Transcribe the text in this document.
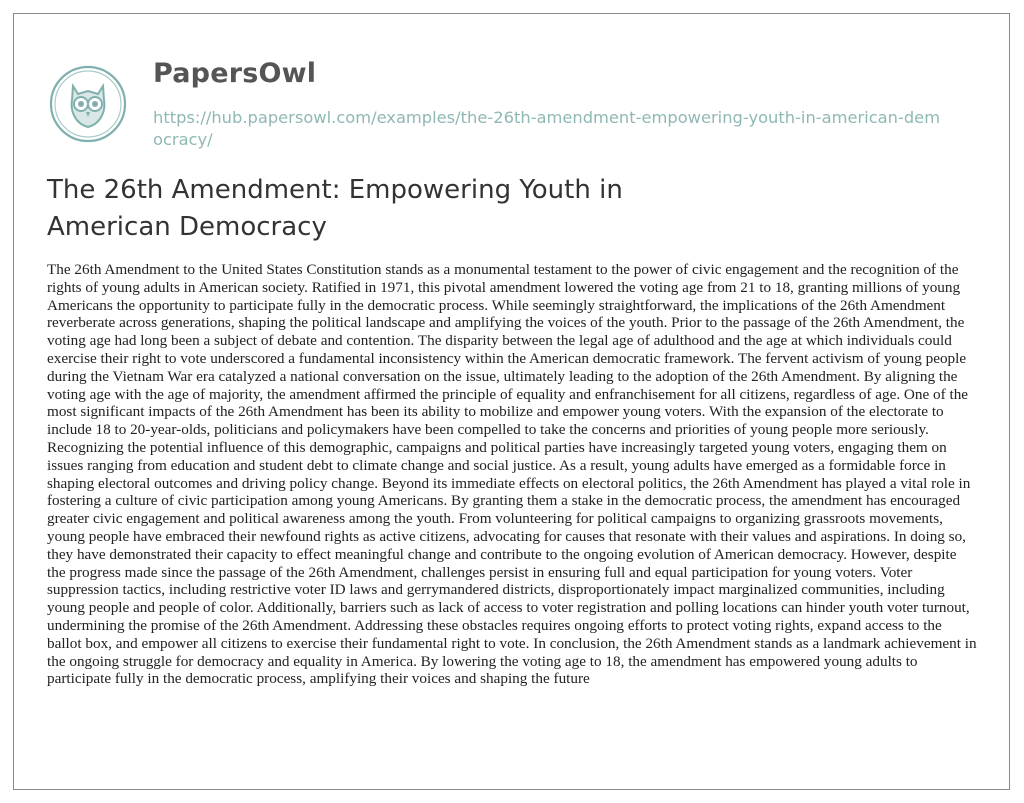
PapersOwl
https://hub.papersowl.com/examples/the-26th-amendment-empowering-youth-in-american-democracy/
The 26th Amendment: Empowering Youth in American Democracy

The 26th Amendment to the United States Constitution stands as a monumental testament to the power of civic engagement and the recognition of the rights of young adults in American society. Ratified in 1971, this pivotal amendment lowered the voting age from 21 to 18, granting millions of young Americans the opportunity to participate fully in the democratic process. While seemingly straightforward, the implications of the 26th Amendment reverberate across generations, shaping the political landscape and amplifying the voices of the youth. Prior to the passage of the 26th Amendment, the voting age had long been a subject of debate and contention. The disparity between the legal age of adulthood and the age at which individuals could exercise their right to vote underscored a fundamental inconsistency within the American democratic framework. The fervent activism of young people during the Vietnam War era catalyzed a national conversation on the issue, ultimately leading to the adoption of the 26th Amendment. By aligning the voting age with the age of majority, the amendment affirmed the principle of equality and enfranchisement for all citizens, regardless of age. One of the most significant impacts of the 26th Amendment has been its ability to mobilize and empower young voters. With the expansion of the electorate to include 18 to 20-year-olds, politicians and policymakers have been compelled to take the concerns and priorities of young people more seriously. Recognizing the potential influence of this demographic, campaigns and political parties have increasingly targeted young voters, engaging them on issues ranging from education and student debt to climate change and social justice. As a result, young adults have emerged as a formidable force in shaping electoral outcomes and driving policy change. Beyond its immediate effects on electoral politics, the 26th Amendment has played a vital role in fostering a culture of civic participation among young Americans. By granting them a stake in the democratic process, the amendment has encouraged greater civic engagement and political awareness among the youth. From volunteering for political campaigns to organizing grassroots movements, young people have embraced their newfound rights as active citizens, advocating for causes that resonate with their values and aspirations. In doing so, they have demonstrated their capacity to effect meaningful change and contribute to the ongoing evolution of American democracy. However, despite the progress made since the passage of the 26th Amendment, challenges persist in ensuring full and equal participation for young voters. Voter suppression tactics, including restrictive voter ID laws and gerrymandered districts, disproportionately impact marginalized communities, including young people and people of color. Additionally, barriers such as lack of access to voter registration and polling locations can hinder youth voter turnout, undermining the promise of the 26th Amendment. Addressing these obstacles requires ongoing efforts to protect voting rights, expand access to the ballot box, and empower all citizens to exercise their fundamental right to vote. In conclusion, the 26th Amendment stands as a landmark achievement in the ongoing struggle for democracy and equality in America. By lowering the voting age to 18, the amendment has empowered young adults to participate fully in the democratic process, amplifying their voices and shaping the future
